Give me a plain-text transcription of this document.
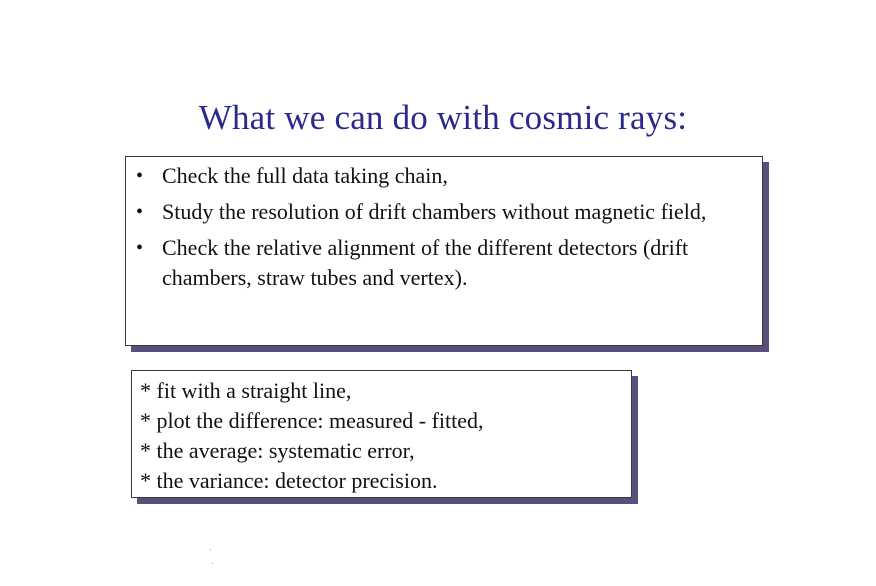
What we can do with cosmic rays:
• Check the full data taking chain,
• Study the resolution of drift chambers without magnetic field,
• Check the relative alignment of the different detectors (drift chambers, straw tubes and vertex).
* fit with a straight line,
* plot the difference: measured - fitted,
* the average: systematic error,
* the variance: detector precision.
